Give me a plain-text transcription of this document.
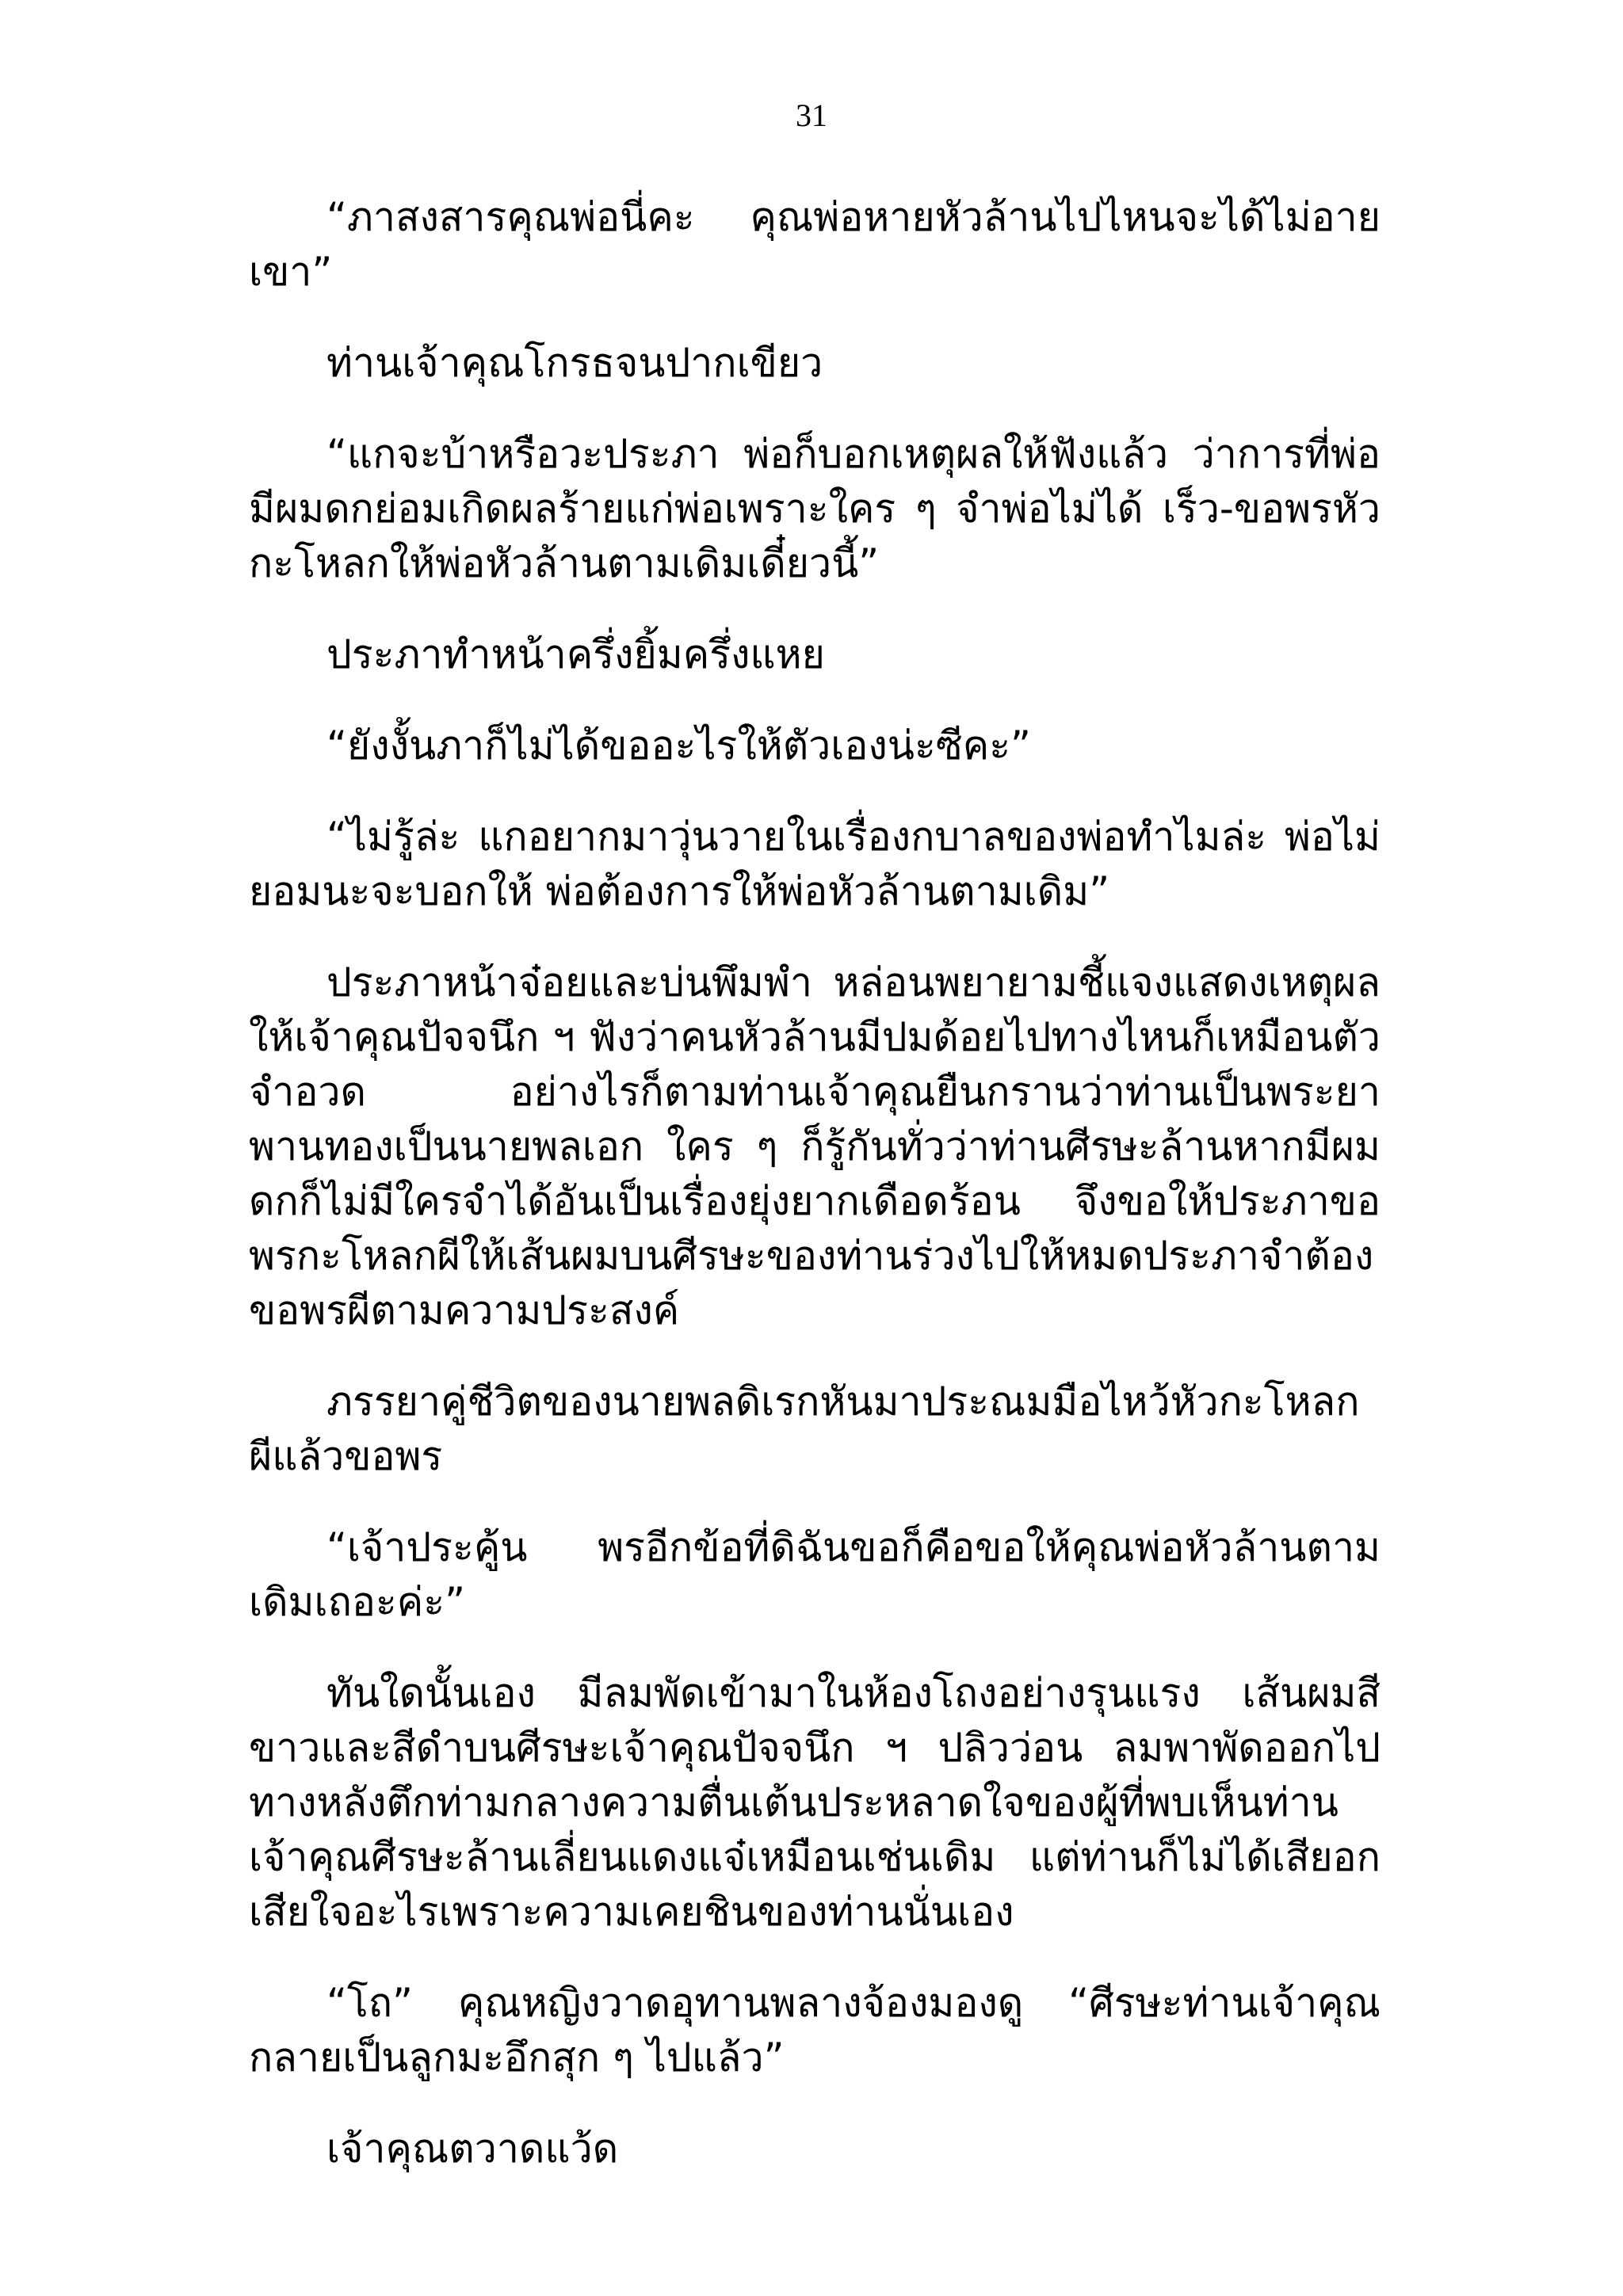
31

“ภาสงสารคุณพ่อนี่คะ คุณพ่อหายหัวล้านไปไหนจะได้ไม่อายเขา”

ท่านเจ้าคุณโกรธจนปากเขียว

“แกจะบ้าหรือวะประภา พ่อก็บอกเหตุผลให้ฟังแล้ว ว่าการที่พ่อมีผมดกย่อมเกิดผลร้ายแก่พ่อเพราะใคร ๆ จำพ่อไม่ได้ เร็ว-ขอพรหัวกะโหลกให้พ่อหัวล้านตามเดิมเดี๋ยวนี้”

ประภาทำหน้าครึ่งยิ้มครึ่งแหย

“ยังงั้นภาก็ไม่ได้ขออะไรให้ตัวเองน่ะซีคะ”

“ไม่รู้ล่ะ แกอยากมาวุ่นวายในเรื่องกบาลของพ่อทำไมล่ะ พ่อไม่ยอมนะจะบอกให้ พ่อต้องการให้พ่อหัวล้านตามเดิม”

ประภาหน้าจ๋อยและบ่นพึมพำ หล่อนพยายามชี้แจงแสดงเหตุผลให้เจ้าคุณปัจจนึก ฯ ฟังว่าคนหัวล้านมีปมด้อยไปทางไหนก็เหมือนตัวจำอวด อย่างไรก็ตามท่านเจ้าคุณยืนกรานว่าท่านเป็นพระยาพานทองเป็นนายพลเอก ใคร ๆ ก็รู้กันทั่วว่าท่านศีรษะล้านหากมีผมดกก็ไม่มีใครจำได้อันเป็นเรื่องยุ่งยากเดือดร้อน จึงขอให้ประภาขอพรกะโหลกผีให้เส้นผมบนศีรษะของท่านร่วงไปให้หมดประภาจำต้องขอพรผีตามความประสงค์

ภรรยาคู่ชีวิตของนายพลดิเรกหันมาประณมมือไหว้หัวกะโหลกผีแล้วขอพร

“เจ้าประคู้น พรอีกข้อที่ดิฉันขอก็คือขอให้คุณพ่อหัวล้านตามเดิมเถอะค่ะ”

ทันใดนั้นเอง มีลมพัดเข้ามาในห้องโถงอย่างรุนแรง เส้นผมสีขาวและสีดำบนศีรษะเจ้าคุณปัจจนึก ฯ ปลิวว่อน ลมพาพัดออกไปทางหลังตึกท่ามกลางความตื่นเต้นประหลาดใจของผู้ที่พบเห็นท่านเจ้าคุณศีรษะล้านเลี่ยนแดงแจ๋เหมือนเช่นเดิม แต่ท่านก็ไม่ได้เสียอกเสียใจอะไรเพราะความเคยชินของท่านนั่นเอง

“โถ” คุณหญิงวาดอุทานพลางจ้องมองดู “ศีรษะท่านเจ้าคุณกลายเป็นลูกมะอึกสุก ๆ ไปแล้ว”

เจ้าคุณตวาดแว้ด
